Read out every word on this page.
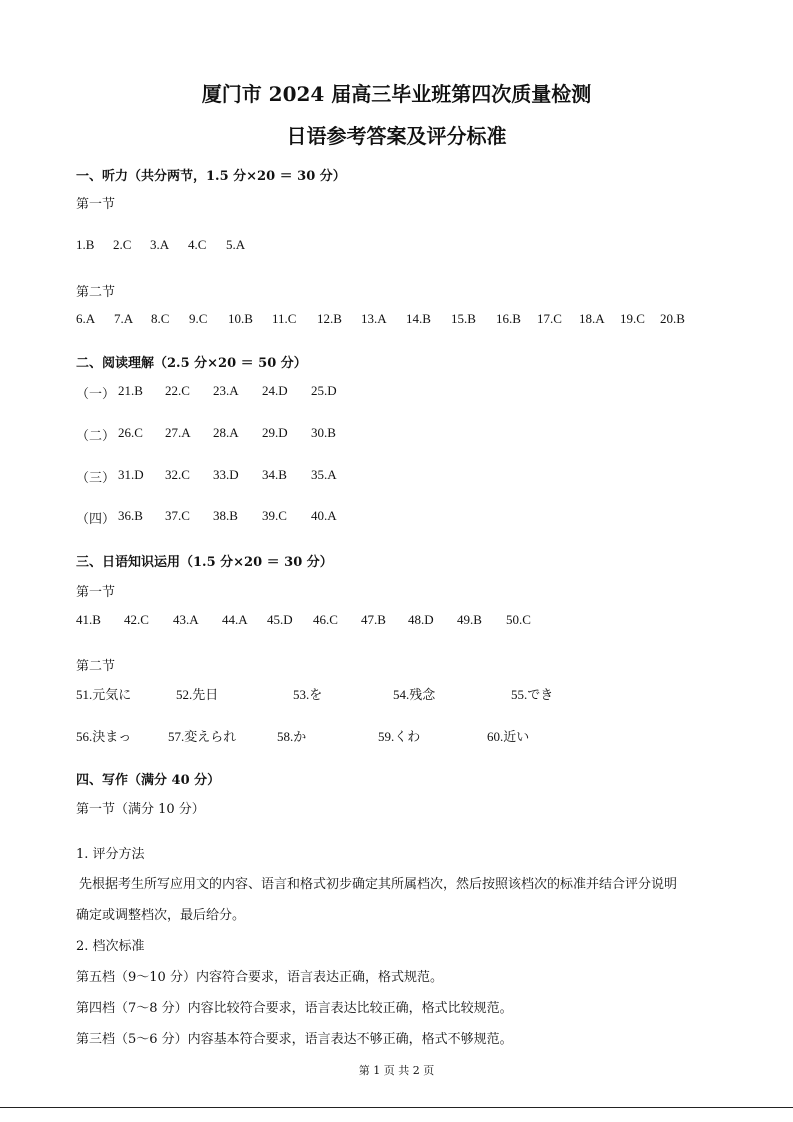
厦门市 2024 届高三毕业班第四次质量检测
日语参考答案及评分标准
一、听力（共分两节，1.5 分×20 ＝ 30 分）
第一节
1.B 2.C 3.A 4.C 5.A
第二节
6.A 7.A 8.C 9.C 10.B 11.C 12.B 13.A 14.B 15.B 16.B 17.C 18.A 19.C 20.B
二、阅读理解（2.5 分×20 ＝ 50 分）
（一） 21.B 22.C 23.A 24.D 25.D
（二） 26.C 27.A 28.A 29.D 30.B
（三） 31.D 32.C 33.D 34.B 35.A
（四） 36.B 37.C 38.B 39.C 40.A
三、日语知识运用（1.5 分×20 ＝ 30 分）
第一节
41.B 42.C 43.A 44.A 45.D 46.C 47.B 48.D 49.B 50.C
第二节
51.元気に	52.先日	53.を	54.残念	55.でき
56.決まっ	57.変えられ	58.か	59.くわ	60.近い
四、写作（满分 40 分）
第一节（满分 10 分）
1. 评分方法
先根据考生所写应用文的内容、语言和格式初步确定其所属档次，然后按照该档次的标准并结合评分说明
确定或调整档次，最后给分。
2. 档次标准
第五档（9～10 分）内容符合要求，语言表达正确，格式规范。
第四档（7～8 分）内容比较符合要求，语言表达比较正确，格式比较规范。
第三档（5～6 分）内容基本符合要求，语言表达不够正确，格式不够规范。
第 1 页 共 2 页
